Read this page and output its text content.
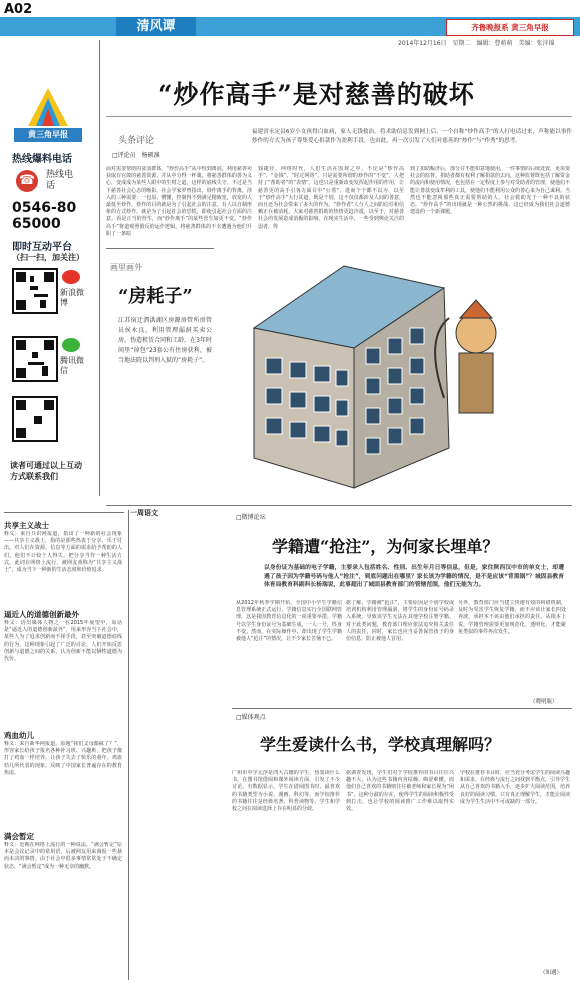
A02
清风谭	齐鲁晚报系 黄三角早报
2014年12月16日　星期二　编辑：曹萌萌　美编：张沣锦
黄三角早报
热线爆料电话
☎	热线电话
0546-8065000
即时互动平台
（扫一扫，加关注）
新浪微博
腾讯微信
读者可通过以上互动方式联系我们
“炒作高手”是对慈善的破坏
头条评论
□评论员　杨硕凛
福建省永定县6岁小女孩得白血病，家人无钱救治，将求助信息发到网上后，一个自称“炒作高手”的人打电话过来，声称能以事件炒作的方式为孩子筹集爱心捐款作为盈利手段。也由此，再一次引发了人们对慈善的“炒作”与“作秀”的思考。
面对需要帮助的贫弱群体，“炒作高手”从中恒到离底，利用慈善卖获取有官敛的慈善资源，并从中分得一杯羹，将慈善群体的善为义心，变成成为某些人眼中的生财之道，这样的底线失守，不过是当下慈善社会心态的缩影。社会学家罗曾指出，炒作离手的背离，涉入的三种需要：一包原、懵懂，控制得不到满足精致宽，放宽的人最低至炒作，炒作的目的就是为了引起社会的注意。有人以自制形象的方式炒作，就是为了引起社会的恐慌，即使引起社会方面的注意，看是正当的营生，而“炒作离手”的某些营生如更不变。“炒作高手”将道观照假反的运作逻辑，将慈善群体的不幸遭遇为他们升职了一条暗
钱捷径。网络时代，人们生活在围观之中，不论是“炒作高手”、“金钱”，“时过网络”，只是需要所谓的炒作的“不变”，人把持了“帮助者”的“表情”，这也只是重新改变发挥起作用的作用，让慈善更的高手引各方面目中“公善”，进而个个都不以为，以至于“炒作高手”大行其道，既是个别，这不仅仅都涉及人间的善意，而且还为社会带来了多大的作为。“炒作者”人与人之间的信任和信赖正在被消耗，大家对慈善捐助的热情更趋冷漠，以至于，对慈善社会的发展造成消极的影响。在现实生活中，一些受到舆论关注的弱者，得
到了捐助赈济后，部分并不能如意地使用，一件事情的后续处置，更需要社会的监督。捐助者都有权利了解捐款的去向，这种监督既包括了解资金的流向和使用情况，也包括在一定程度上参与对受助者的管理，使他们不能让善款变成牟利的工具，使他们不能利用公众的善心来为自己谋利。当然也不能忽视那些真正需要帮助的人。社会救助光于一种不良的状态，“炒作高手”的出现就是一种公然的挑战，这已经成为我们社会道德建设的一个新课题。
画里画外
“房耗子”
江苏宿迁泗洪湖区房源房管所房管员侯永良，利用管理漏洞买卖公房，伪造租赁合同和工龄，在3年时间里“掉包”23套公有住房获利，被当地法院以判刑入狱的“房耗子”。
一周语文
共享主义战士
释义：来自共识网报道，指出了一种新的社会现象——共享主义战士，指的是那些热衷于分享、乐于付出，对人们在资源、信息等方面的需求给予帮助的人们，他们不计较个人得失，把分享当作一种生活方式。此词在网络上流行，被网友戏称为“共享主义战士”，成为当下一种新的生活态度和价值追求。
逼近人的道德创新最外
释义：语出媒体人物之一在2015年展望中，原话是“逼近人的道德创新最外”，用来形容当下社会中，某些人为了追求创新而不择手段，甚至突破道德底线的行为。这种现象引起了广泛的讨论，人们开始反思创新与道德之间的关系，认为创新不能以牺牲道德为代价。
鸡血幼儿
释义：来自新华网报道，原题“我们父母都疯了？”，形容家长给孩子报名各种补习班、兴趣班，把孩子像打了鸡血一样培养，让孩子失去了快乐的童年。鸡血幼儿所代表的现象，反映了中国家长普遍存在的教育焦虑。
满会暂定
释义：近期在网络上流行的一种说法，“满会暂定”原本是会议记录中的常用语，后被网友用来调侃一些悬而未决的事情。由于社会中很多事情常常处于不确定状态，“满会暂定”成为一种无奈的幽默。
□微博论坛
学籍遭“抢注”，为何家长埋单？
以身份证为基础的电子学籍，主要录入包括姓名、性别、出生年月日等信息，但是，家住陕西汉中市的单女士，却遭遇了孩子因为学籍号码与他人“抢注”，到底问题出在哪里？家长该为学籍的情况，是不是应该“背黑锅”？城固县教育体育局教育科副科长杨瑞说，此事超出了城固县教育部门的管辖范围，他们无能为力。
从2012年秋季学期开始，全国中小学生学籍信息管理系统正式运行，学籍信息实行全国联网管理，这是我国教育信息化的一项重要举措。学籍号以学生身份证号为基础生成，一人一号，终身不变。然而，在实际操作中，却出现了学生学籍被他人“抢注”的情况，让不少家长苦恼不已。
据了解，学籍被“抢注”，主要原因是个别学校或培训机构利用管理漏洞，将学生的身份证号码录入系统，导致该学生无法在其他学校注册学籍。对于此类问题，教育部门理应依法追究相关责任人的责任，同时，家长也应当妥善保管孩子的身份信息，防止被他人冒用。
另外，教育部门应当建立快速有效的纠错机制，及时为受害学生恢复学籍，而不应该让家长四处奔波，承担本不该由他们承担的责任。从根本上说，学籍管理需要更加规范化、透明化，才能避免类似的事件再次发生。
（晓明瓶）
□媒体观点
学生爱读什么书，学校真理解吗？
广州市中学元浮是四大古籍的学生，热衷读什么书，在图书馆借阅和课外阅读方面，引发了不少讨论。有数据显示，学生在借阅图书时，最喜欢的书籍类型为小说、漫画、科幻等，而学校推荐的书籍往往是经典名著、科普读物等。学生和学校之间在阅读选择上存在明显的分歧。
据调查发现，学生们对于学校推荐的书目往往兴趣不大，认为这些书籍内容枯燥、晦涩难懂，而他们自己喜欢的书籍则往往被老师和家长视为“闲书”。这种分歧的存在，使得学生的阅读积极性受到打击，也让学校的阅读推广工作难以取得实效。
学校在推荐书目时，应当充分考虑学生的阅读兴趣和需求，在经典与流行之间找到平衡点，引导学生从自己喜欢的书籍入手，逐步扩大阅读范围，培养良好的阅读习惯。只有真正理解学生，才能让阅读成为学生生活中不可或缺的一部分。
（知遇）
